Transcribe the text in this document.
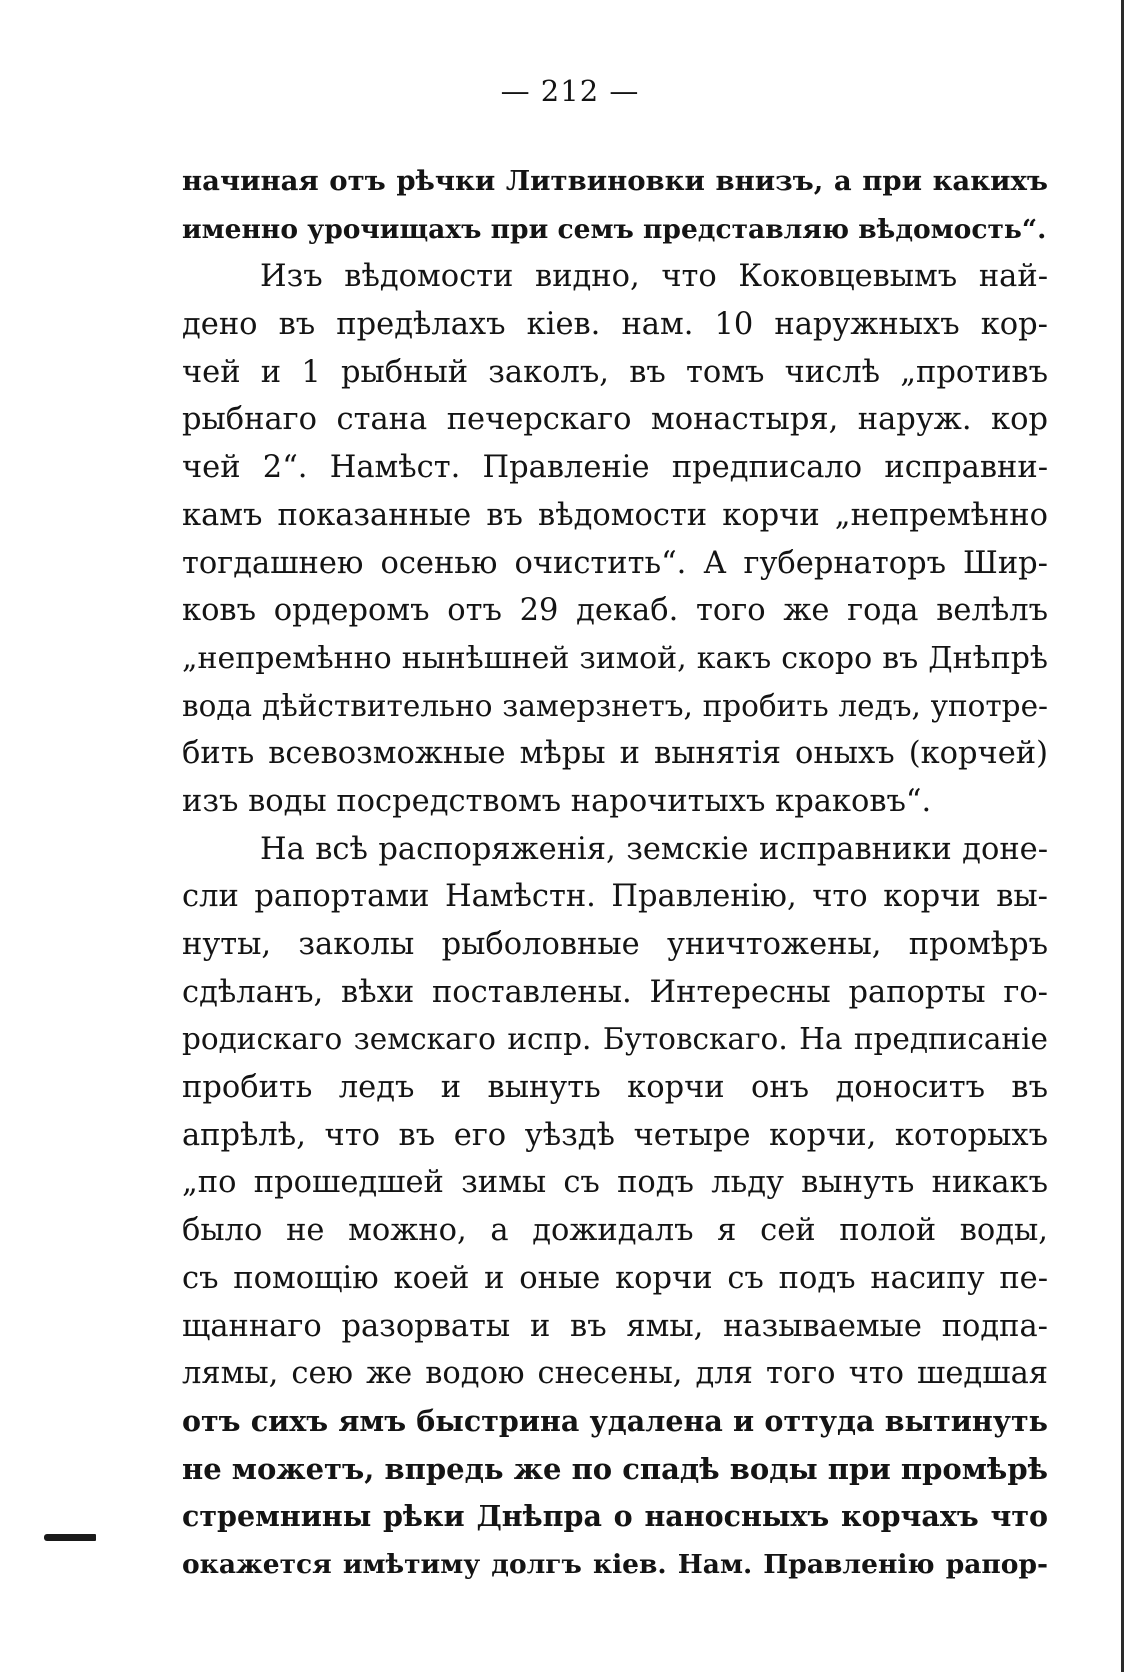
— 212 —
начиная отъ рѣчки Литвиновки внизъ, а при какихъ
именно урочищахъ при семъ представляю вѣдомость“.
Изъ вѣдомости видно, что Коковцевымъ най-
дено въ предѣлахъ кіев. нам. 10 наружныхъ кор-
чей и 1 рыбный заколъ, въ томъ числѣ „противъ
рыбнаго стана печерскаго монастыря, наруж. кор
чей 2“. Намѣст. Правленіе предписало исправни-
камъ показанные въ вѣдомости корчи „непремѣнно
тогдашнею осенью очистить“. А губернаторъ Шир-
ковъ ордеромъ отъ 29 декаб. того же года велѣлъ
„непремѣнно нынѣшней зимой, какъ скоро въ Днѣпрѣ
вода дѣйствительно замерзнетъ, пробить ледъ, употре-
бить всевозможные мѣры и вынятія оныхъ (корчей)
изъ воды посредствомъ нарочитыхъ краковъ“.
На всѣ распоряженія, земскіе исправники доне-
сли рапортами Намѣстн. Правленію, что корчи вы-
нуты, заколы рыболовные уничтожены, промѣръ
сдѣланъ, вѣхи поставлены. Интересны рапорты го-
родискаго земскаго испр. Бутовскаго. На предписаніе
пробить ледъ и вынуть корчи онъ доноситъ въ
апрѣлѣ, что въ его уѣздѣ четыре корчи, которыхъ
„по прошедшей зимы съ подъ льду вынуть никакъ
было не можно, а дожидалъ я сей полой воды,
съ помощію коей и оные корчи съ подъ насипу пе-
щаннаго разорваты и въ ямы, называемые подпа-
лямы, сею же водою снесены, для того что шедшая
отъ сихъ ямъ быстрина удалена и оттуда вытинуть
не можетъ, впредь же по спадѣ воды при промѣрѣ
стремнины рѣки Днѣпра о наносныхъ корчахъ что
окажется имѣтиму долгъ кіев. Нам. Правленію рапор-
